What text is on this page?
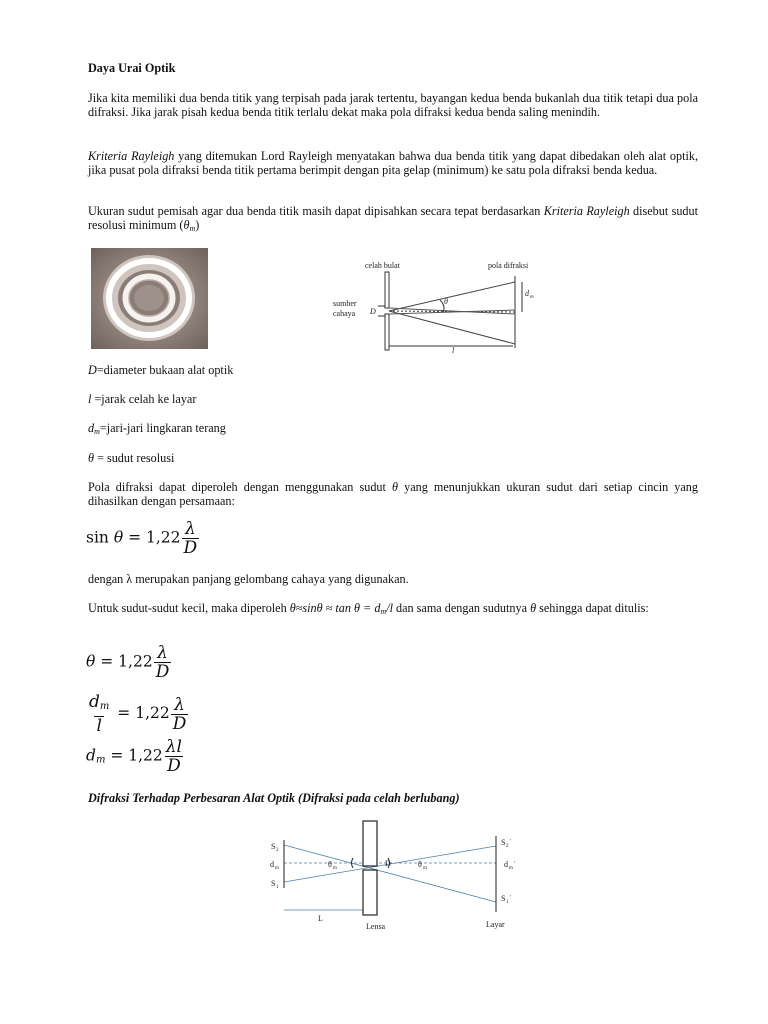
Daya Urai Optik
Jika kita memiliki dua benda titik yang terpisah pada jarak tertentu, bayangan kedua benda bukanlah dua titik tetapi dua pola difraksi. Jika jarak pisah kedua benda titik terlalu dekat maka pola difraksi kedua benda saling menindih.
Kriteria Rayleigh yang ditemukan Lord Rayleigh menyatakan bahwa dua benda titik yang dapat dibedakan oleh alat optik, jika pusat pola difraksi benda titik pertama berimpit dengan pita gelap (minimum) ke satu pola difraksi benda kedua.
Ukuran sudut pemisah agar dua benda titik masih dapat dipisahkan secara tepat berdasarkan Kriteria Rayleigh disebut sudut resolusi minimum $(\theta_m)$
celah bulat	pola difraksi
sumber
cahaya D
θ
d m
l
D=diameter bukaan alat optik
l =jarak celah ke layar
$d_m=jari$-jari lingkaran terang
θ = sudut resolusi
Pola difraksi dapat diperoleh dengan menggunakan sudut θ yang menunjukkan ukuran sudut dari setiap cincin yang dihasilkan dengan persamaan:
$\sin \theta = 1,22 \frac{\lambda}{D}$
dengan λ merupakan panjang gelombang cahaya yang digunakan.
Untuk sudut-sudut kecil, maka diperoleh $\theta\approx\sin\theta \approx \tan \theta = d_m/l$ dan sama dengan sudutnya θ sehingga dapat ditulis:
$\theta = 1,22 \frac{\lambda}{D}$
$\frac{dm}{l} = 1,22 \frac{\lambda}{D}$
$d_m = 1,22 \frac{\lambda l}{D}$
Difraksi Terhadap Perbesaran Alat Optik (Difraksi pada celah berlubang)
S 2
d m
S 1
θ m
D	θ m
S 2
'
d m
'
S 1
'
L
Lensa	Layar
